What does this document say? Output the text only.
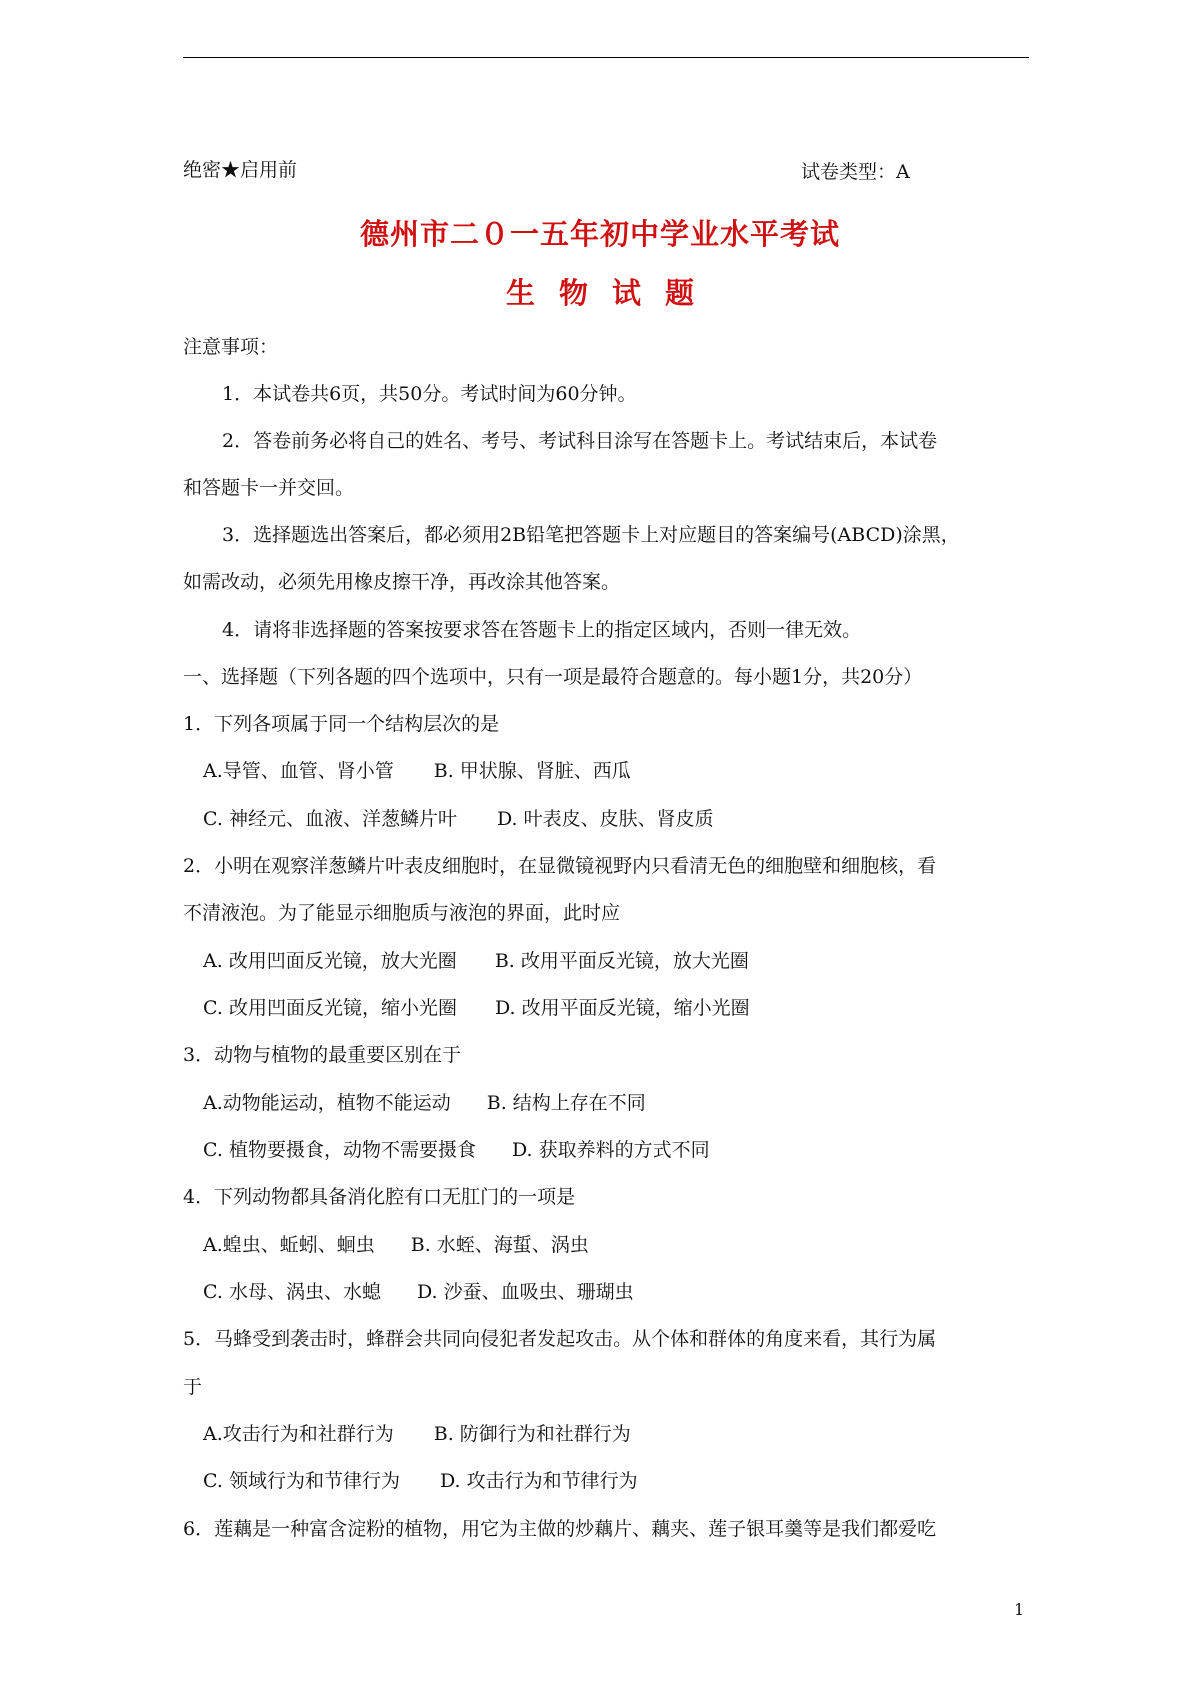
绝密★启用前	试卷类型：A
德州市二０一五年初中学业水平考试
生物试题
注意事项：
1．本试卷共6页，共50分。考试时间为60分钟。
2．答卷前务必将自己的姓名、考号、考试科目涂写在答题卡上。考试结束后，本试卷
和答题卡一并交回。
3．选择题选出答案后，都必须用2B铅笔把答题卡上对应题目的答案编号(ABCD)涂黑，
如需改动，必须先用橡皮擦干净，再改涂其他答案。
4．请将非选择题的答案按要求答在答题卡上的指定区域内，否则一律无效。
一、选择题（下列各题的四个选项中，只有一项是最符合题意的。每小题1分，共20分）
1．下列各项属于同一个结构层次的是
A.导管、血管、肾小管 B. 甲状腺、肾脏、西瓜
C. 神经元、血液、洋葱鳞片叶 D. 叶表皮、皮肤、肾皮质
2．小明在观察洋葱鳞片叶表皮细胞时，在显微镜视野内只看清无色的细胞壁和细胞核，看
不清液泡。为了能显示细胞质与液泡的界面，此时应
A. 改用凹面反光镜，放大光圈 B. 改用平面反光镜，放大光圈
C. 改用凹面反光镜，缩小光圈 D. 改用平面反光镜，缩小光圈
3．动物与植物的最重要区别在于
A.动物能运动，植物不能运动 B. 结构上存在不同
C. 植物要摄食，动物不需要摄食 D. 获取养料的方式不同
4．下列动物都具备消化腔有口无肛门的一项是
A.蝗虫、蚯蚓、蛔虫 B. 水蛭、海蜇、涡虫
C. 水母、涡虫、水螅 D. 沙蚕、血吸虫、珊瑚虫
5．马蜂受到袭击时，蜂群会共同向侵犯者发起攻击。从个体和群体的角度来看，其行为属
于
A.攻击行为和社群行为 B. 防御行为和社群行为
C. 领域行为和节律行为 D. 攻击行为和节律行为
6．莲藕是一种富含淀粉的植物，用它为主做的炒藕片、藕夹、莲子银耳羹等是我们都爱吃
1
